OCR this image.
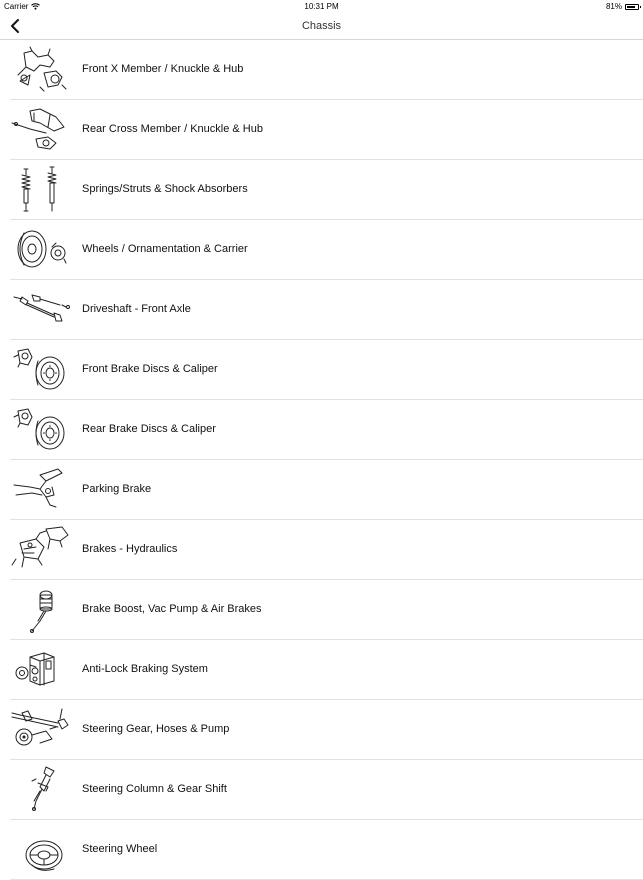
Carrier	10:31 PM	81%
Chassis
Front X Member / Knuckle & Hub
Rear Cross Member / Knuckle & Hub
Springs/Struts & Shock Absorbers
Wheels / Ornamentation & Carrier
Driveshaft - Front Axle
Front Brake Discs & Caliper
Rear Brake Discs & Caliper
Parking Brake
Brakes - Hydraulics
Brake Boost, Vac Pump & Air Brakes
Anti-Lock Braking System
Steering Gear, Hoses & Pump
Steering Column & Gear Shift
Steering Wheel
